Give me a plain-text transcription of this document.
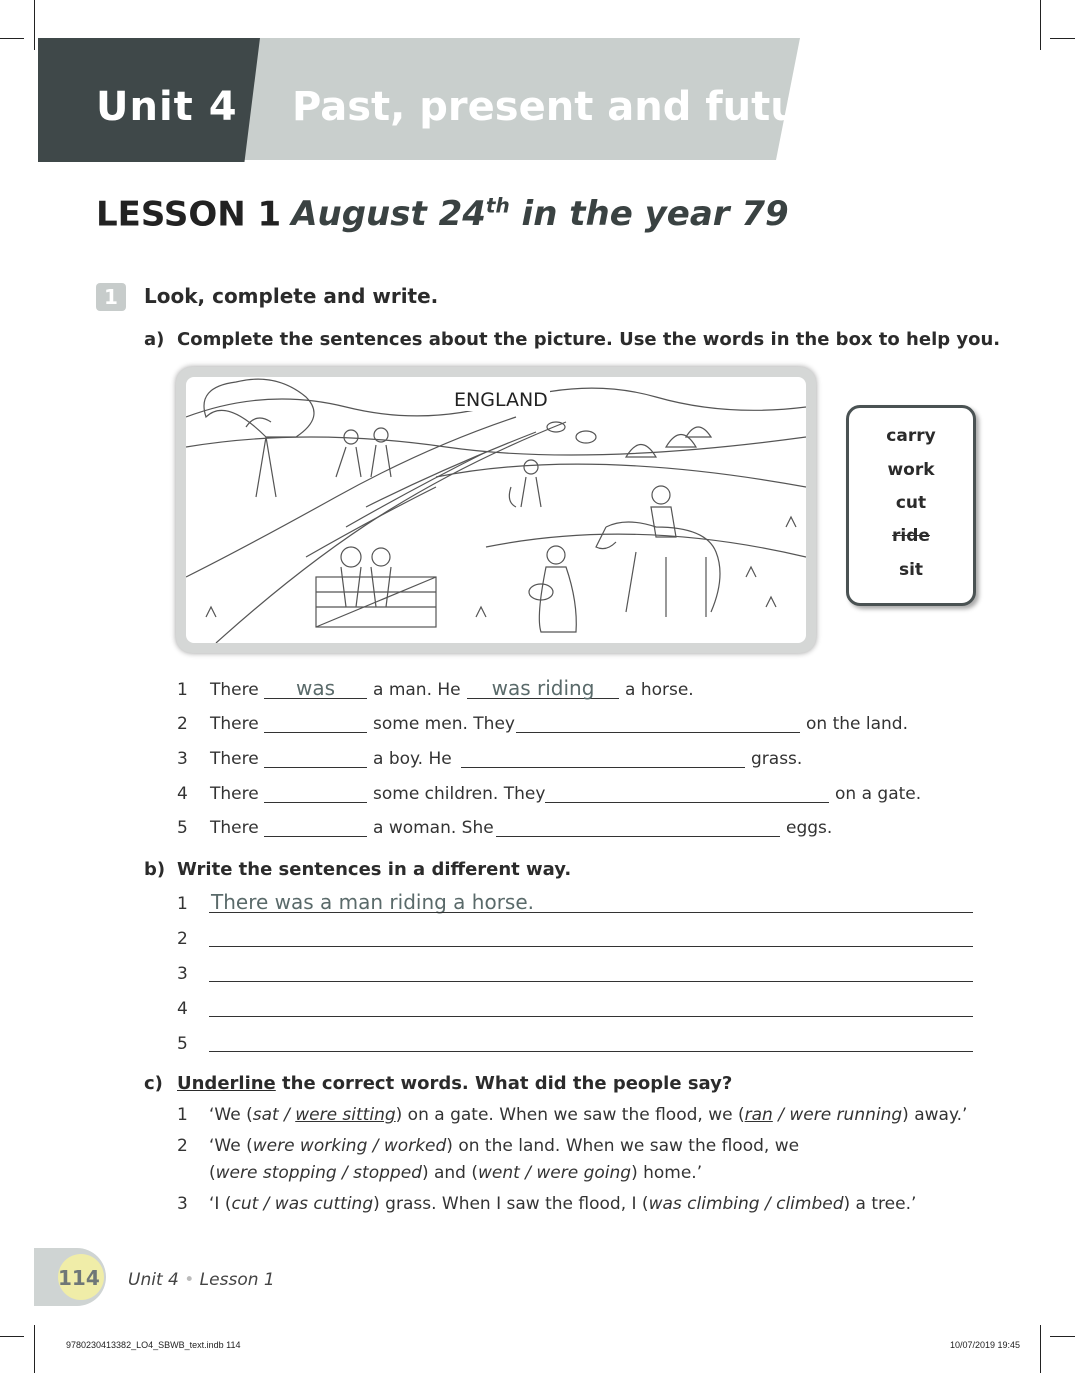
Unit 4 Past, present and future
LESSON 1 August 24th in the year 79
1	Look, complete and write.
a) Complete the sentences about the picture. Use the words in the box to help you.
ENGLAND
carry
work
cut
ride
sit
1	There	was	a man. He	was riding	a horse.
2	There	some men. They	on the land.
3	There	a boy. He	grass.
4	There	some children. They	on a gate.
5	There	a woman. She	eggs.
b) Write the sentences in a different way.
1 There was a man riding a horse.
2
3
4
5
c) Underline the correct words. What did the people say?
1 ‘We (sat / were sitting) on a gate. When we saw the flood, we (ran / were running) away.’
2 ‘We (were working / worked) on the land. When we saw the flood, we
(were stopping / stopped) and (went / were going) home.’
3 ‘I (cut / was cutting) grass. When I saw the flood, I (was climbing / climbed) a tree.’
114 Unit 4 • Lesson 1
9780230413382_LO4_SBWB_text.indb 114	10/07/2019 19:45
